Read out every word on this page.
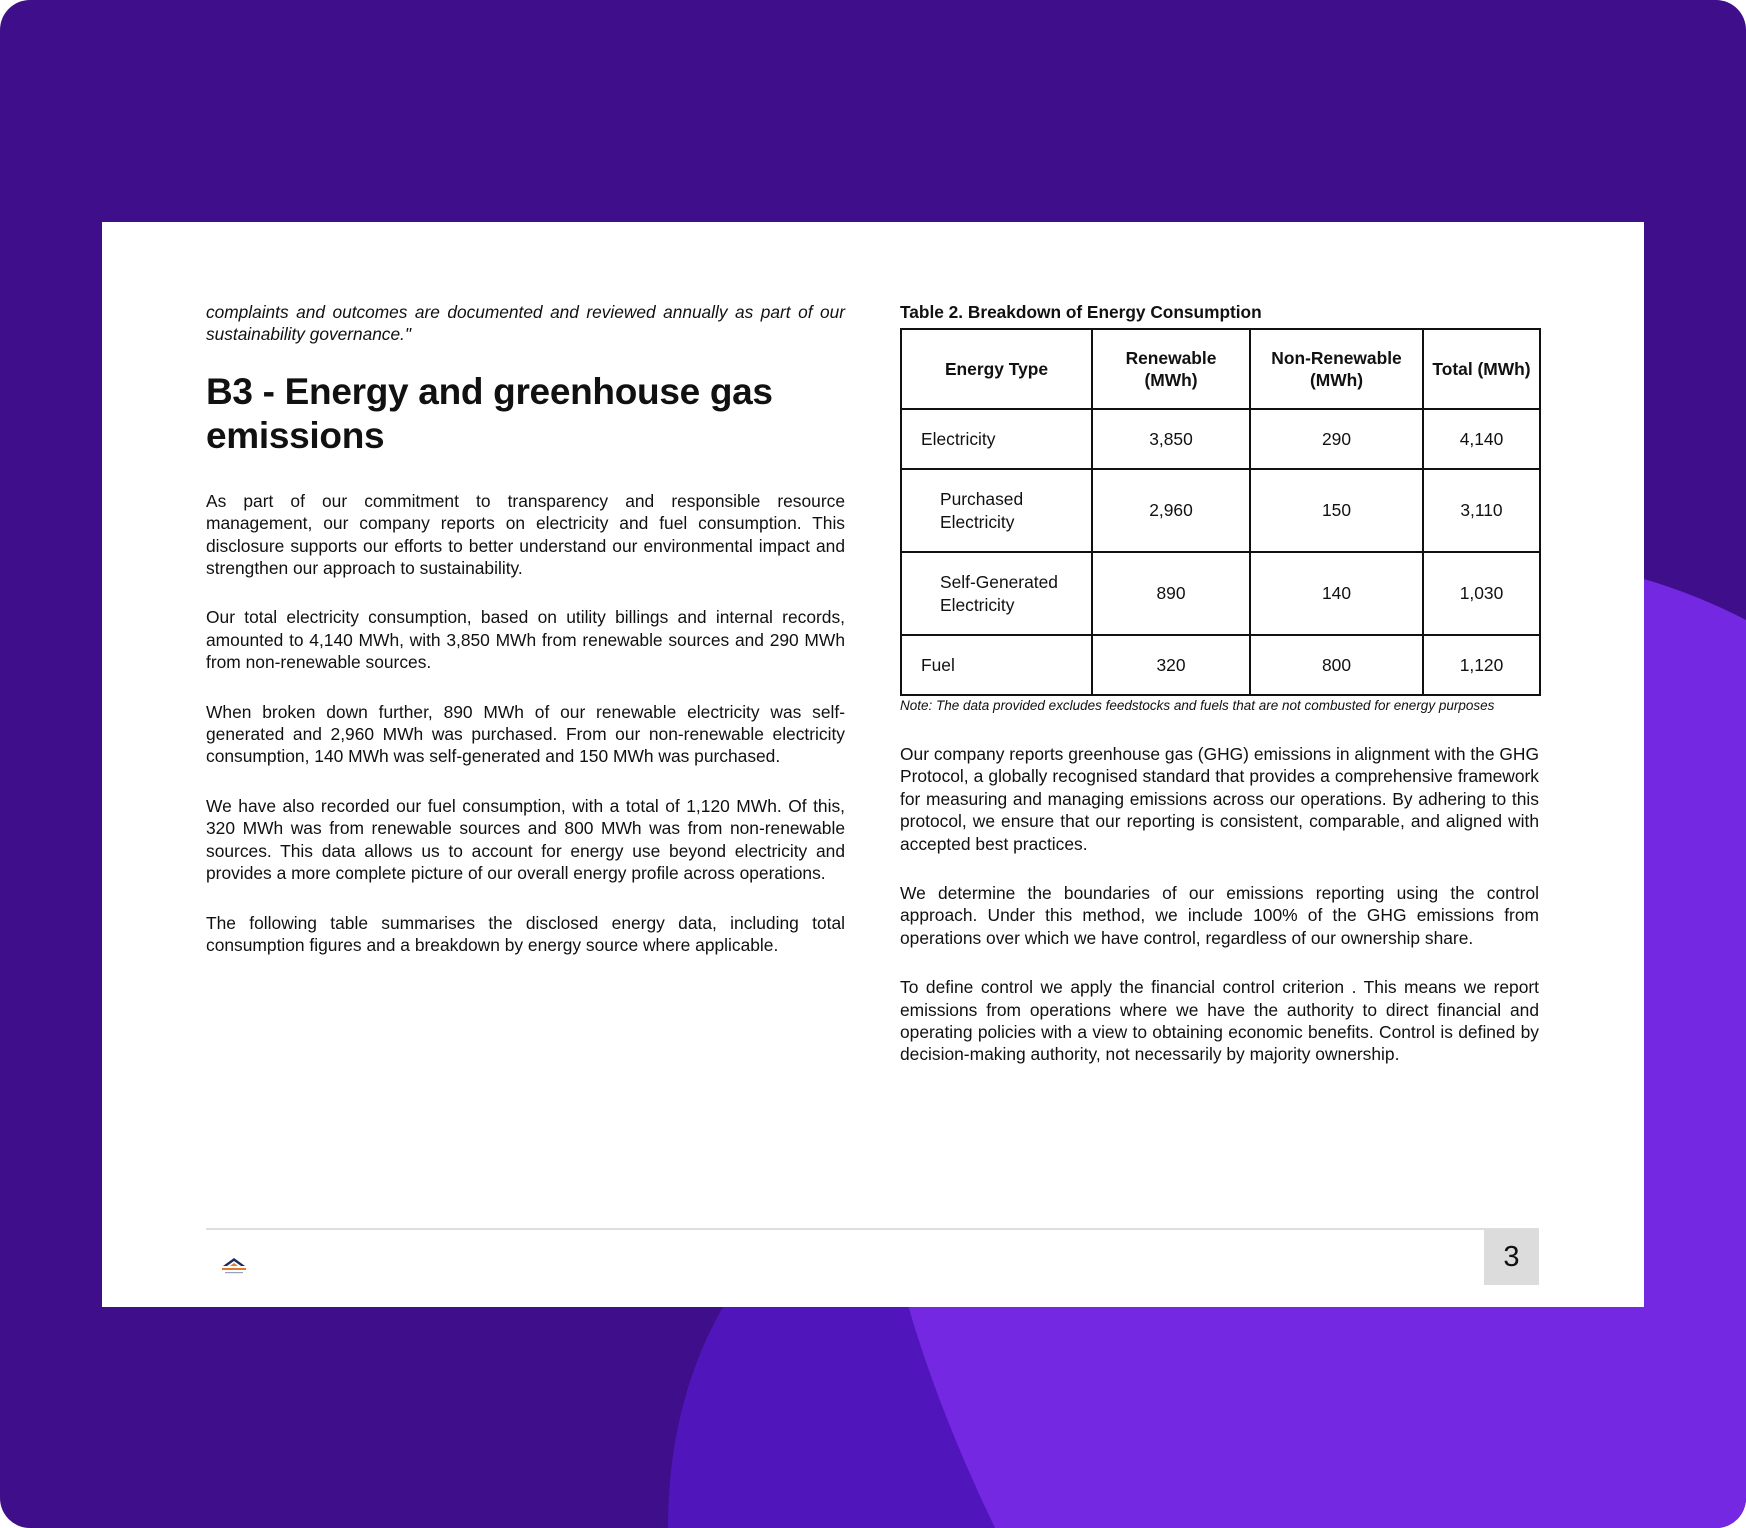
complaints and outcomes are documented and reviewed annually as part of our sustainability governance."

B3 - Energy and greenhouse gas emissions

As part of our commitment to transparency and responsible resource management, our company reports on electricity and fuel consumption. This disclosure supports our efforts to better understand our environmental impact and strengthen our approach to sustainability.

Our total electricity consumption, based on utility billings and internal records, amounted to 4,140 MWh, with 3,850 MWh from renewable sources and 290 MWh from non-renewable sources.

When broken down further, 890 MWh of our renewable electricity was self-generated and 2,960 MWh was purchased. From our non-renewable electricity consumption, 140 MWh was self-generated and 150 MWh was purchased.

We have also recorded our fuel consumption, with a total of 1,120 MWh. Of this, 320 MWh was from renewable sources and 800 MWh was from non-renewable sources. This data allows us to account for energy use beyond electricity and provides a more complete picture of our overall energy profile across operations.

The following table summarises the disclosed energy data, including total consumption figures and a breakdown by energy source where applicable.

Table 2. Breakdown of Energy Consumption

Energy Type	Renewable (MWh)	Non-Renewable (MWh)	Total (MWh)
Electricity	3,850	290	4,140
Purchased Electricity	2,960	150	3,110
Self-Generated Electricity	890	140	1,030
Fuel	320	800	1,120

Note: The data provided excludes feedstocks and fuels that are not combusted for energy purposes

Our company reports greenhouse gas (GHG) emissions in alignment with the GHG Protocol, a globally recognised standard that provides a comprehensive framework for measuring and managing emissions across our operations. By adhering to this protocol, we ensure that our reporting is consistent, comparable, and aligned with accepted best practices.

We determine the boundaries of our emissions reporting using the control approach. Under this method, we include 100% of the GHG emissions from operations over which we have control, regardless of our ownership share.

To define control we apply the financial control criterion . This means we report emissions from operations where we have the authority to direct financial and operating policies with a view to obtaining economic benefits. Control is defined by decision-making authority, not necessarily by majority ownership.

3
